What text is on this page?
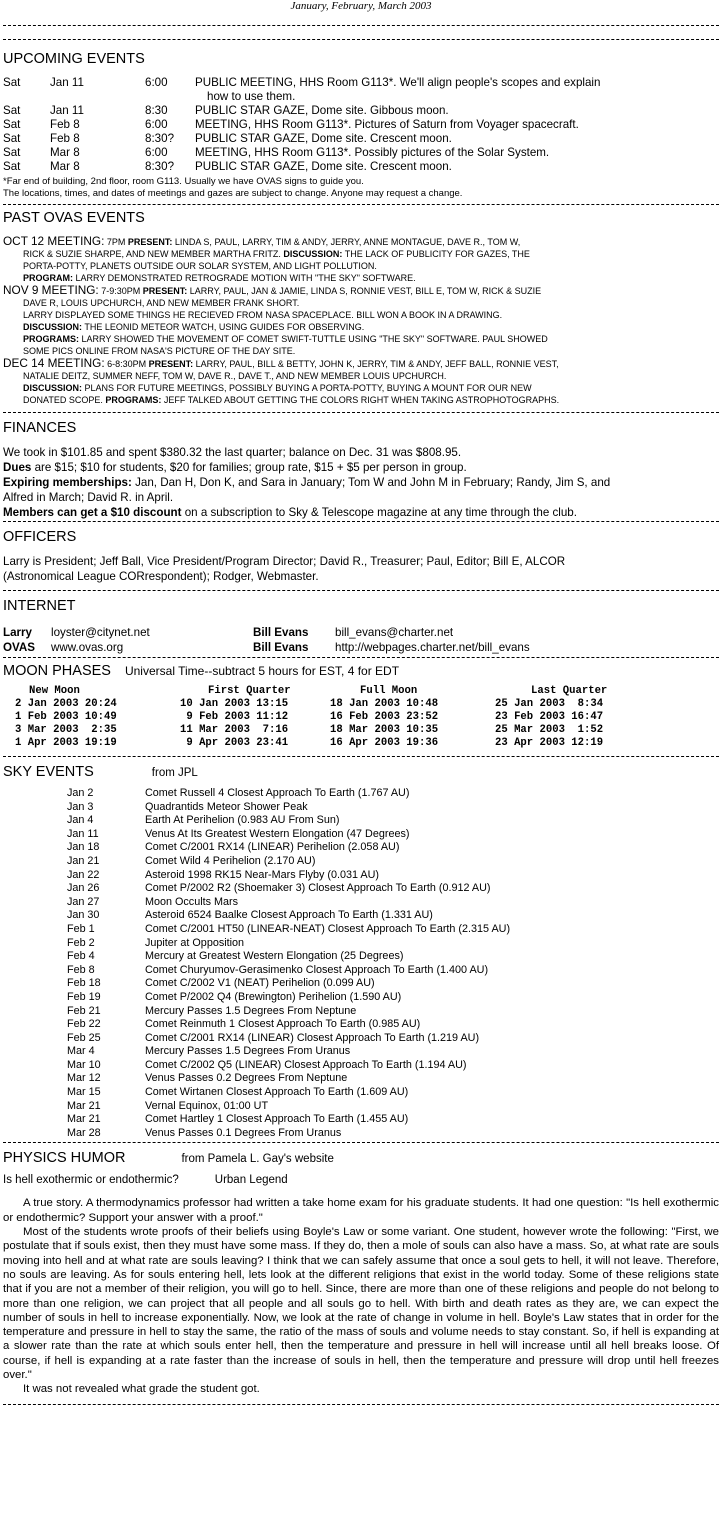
January, February, March 2003
UPCOMING EVENTS
Sat	Jan 11	6:00	PUBLIC MEETING, HHS Room G113*. We'll align people's scopes and explain
how to use them.
Sat	Jan 11	8:30	PUBLIC STAR GAZE, Dome site. Gibbous moon.
Sat	Feb 8	6:00	MEETING, HHS Room G113*. Pictures of Saturn from Voyager spacecraft.
Sat	Feb 8	8:30?	PUBLIC STAR GAZE, Dome site. Crescent moon.
Sat	Mar 8	6:00	MEETING, HHS Room G113*. Possibly pictures of the Solar System.
Sat	Mar 8	8:30?	PUBLIC STAR GAZE, Dome site. Crescent moon.
*Far end of building, 2nd floor, room G113. Usually we have OVAS signs to guide you.
The locations, times, and dates of meetings and gazes are subject to change. Anyone may request a change.
PAST OVAS EVENTS
OCT 12 MEETING: 7PM PRESENT: LINDA S, PAUL, LARRY, TIM & ANDY, JERRY, ANNE MONTAGUE, DAVE R., TOM W,
RICK & SUZIE SHARPE, AND NEW MEMBER MARTHA FRITZ. DISCUSSION: THE LACK OF PUBLICITY FOR GAZES, THE
PORTA-POTTY, PLANETS OUTSIDE OUR SOLAR SYSTEM, AND LIGHT POLLUTION.
PROGRAM: LARRY DEMONSTRATED RETROGRADE MOTION WITH "THE SKY" SOFTWARE.
NOV 9 MEETING: 7-9:30PM PRESENT: LARRY, PAUL, JAN & JAMIE, LINDA S, RONNIE VEST, BILL E, TOM W, RICK & SUZIE
DAVE R, LOUIS UPCHURCH, AND NEW MEMBER FRANK SHORT.
LARRY DISPLAYED SOME THINGS HE RECIEVED FROM NASA SPACEPLACE. BILL WON A BOOK IN A DRAWING.
DISCUSSION: THE LEONID METEOR WATCH, USING GUIDES FOR OBSERVING.
PROGRAMS: LARRY SHOWED THE MOVEMENT OF COMET SWIFT-TUTTLE USING "THE SKY" SOFTWARE. PAUL SHOWED
SOME PICS ONLINE FROM NASA'S PICTURE OF THE DAY SITE.
DEC 14 MEETING: 6-8:30PM PRESENT: LARRY, PAUL, BILL & BETTY, JOHN K, JERRY, TIM & ANDY, JEFF BALL, RONNIE VEST,
NATALIE DEITZ, SUMMER NEFF, TOM W, DAVE R., DAVE T., AND NEW MEMBER LOUIS UPCHURCH.
DISCUSSION: PLANS FOR FUTURE MEETINGS, POSSIBLY BUYING A PORTA-POTTY, BUYING A MOUNT FOR OUR NEW
DONATED SCOPE. PROGRAMS: JEFF TALKED ABOUT GETTING THE COLORS RIGHT WHEN TAKING ASTROPHOTOGRAPHS.
FINANCES
We took in $101.85 and spent $380.32 the last quarter; balance on Dec. 31 was $808.95.
Dues are $15; $10 for students, $20 for families; group rate, $15 + $5 per person in group.
Expiring memberships: Jan, Dan H, Don K, and Sara in January; Tom W and John M in February; Randy, Jim S, and
Alfred in March; David R. in April.
Members can get a $10 discount on a subscription to Sky & Telescope magazine at any time through the club.
OFFICERS
Larry is President; Jeff Ball, Vice President/Program Director; David R., Treasurer; Paul, Editor; Bill E, ALCOR
(Astronomical League CORrespondent); Rodger, Webmaster.
INTERNET
Larry	loyster@citynet.net	Bill Evans	bill_evans@charter.net
OVAS	www.ovas.org	Bill Evans	http://webpages.charter.net/bill_evans
MOON PHASES Universal Time--subtract 5 hours for EST, 4 for EDT
New Moon	First Quarter	Full Moon	Last Quarter
2 Jan 2003 20:24	10 Jan 2003 13:15	18 Jan 2003 10:48	25 Jan 2003  8:34
1 Feb 2003 10:49	9 Feb 2003 11:12	16 Feb 2003 23:52	23 Feb 2003 16:47
3 Mar 2003  2:35	11 Mar 2003  7:16	18 Mar 2003 10:35	25 Mar 2003  1:52
1 Apr 2003 19:19	9 Apr 2003 23:41	16 Apr 2003 19:36	23 Apr 2003 12:19
SKY EVENTS	from JPL
Jan 2	Comet Russell 4 Closest Approach To Earth (1.767 AU)
Jan 3	Quadrantids Meteor Shower Peak
Jan 4	Earth At Perihelion (0.983 AU From Sun)
Jan 11	Venus At Its Greatest Western Elongation (47 Degrees)
Jan 18	Comet C/2001 RX14 (LINEAR) Perihelion (2.058 AU)
Jan 21	Comet Wild 4 Perihelion (2.170 AU)
Jan 22	Asteroid 1998 RK15 Near-Mars Flyby (0.031 AU)
Jan 26	Comet P/2002 R2 (Shoemaker 3) Closest Approach To Earth (0.912 AU)
Jan 27	Moon Occults Mars
Jan 30	Asteroid 6524 Baalke Closest Approach To Earth (1.331 AU)
Feb 1	Comet C/2001 HT50 (LINEAR-NEAT) Closest Approach To Earth (2.315 AU)
Feb 2	Jupiter at Opposition
Feb 4	Mercury at Greatest Western Elongation (25 Degrees)
Feb 8	Comet Churyumov-Gerasimenko Closest Approach To Earth (1.400 AU)
Feb 18	Comet C/2002 V1 (NEAT) Perihelion (0.099 AU)
Feb 19	Comet P/2002 Q4 (Brewington) Perihelion (1.590 AU)
Feb 21	Mercury Passes 1.5 Degrees From Neptune
Feb 22	Comet Reinmuth 1 Closest Approach To Earth (0.985 AU)
Feb 25	Comet C/2001 RX14 (LINEAR) Closest Approach To Earth (1.219 AU)
Mar 4	Mercury Passes 1.5 Degrees From Uranus
Mar 10	Comet C/2002 Q5 (LINEAR) Closest Approach To Earth (1.194 AU)
Mar 12	Venus Passes 0.2 Degrees From Neptune
Mar 15	Comet Wirtanen Closest Approach To Earth (1.609 AU)
Mar 21	Vernal Equinox, 01:00 UT
Mar 21	Comet Hartley 1 Closest Approach To Earth (1.455 AU)
Mar 28	Venus Passes 0.1 Degrees From Uranus
PHYSICS HUMOR	from Pamela L. Gay's website
Is hell exothermic or endothermic?	Urban Legend

A true story. A thermodynamics professor had written a take home exam for his graduate students. It had one question: "Is hell exothermic or endothermic? Support your answer with a proof."

Most of the students wrote proofs of their beliefs using Boyle's Law or some variant. One student, however wrote the following: "First, we postulate that if souls exist, then they must have some mass. If they do, then a mole of souls can also have a mass. So, at what rate are souls moving into hell and at what rate are souls leaving? I think that we can safely assume that once a soul gets to hell, it will not leave. Therefore, no souls are leaving. As for souls entering hell, lets look at the different religions that exist in the world today. Some of these religions state that if you are not a member of their religion, you will go to hell. Since, there are more than one of these religions and people do not belong to more than one religion, we can project that all people and all souls go to hell. With birth and death rates as they are, we can expect the number of souls in hell to increase exponentially. Now, we look at the rate of change in volume in hell. Boyle's Law states that in order for the temperature and pressure in hell to stay the same, the ratio of the mass of souls and volume needs to stay constant. So, if hell is expanding at a slower rate than the rate at which souls enter hell, then the temperature and pressure in hell will increase until all hell breaks loose. Of course, if hell is expanding at a rate faster than the increase of souls in hell, then the temperature and pressure will drop until hell freezes over."

It was not revealed what grade the student got.
